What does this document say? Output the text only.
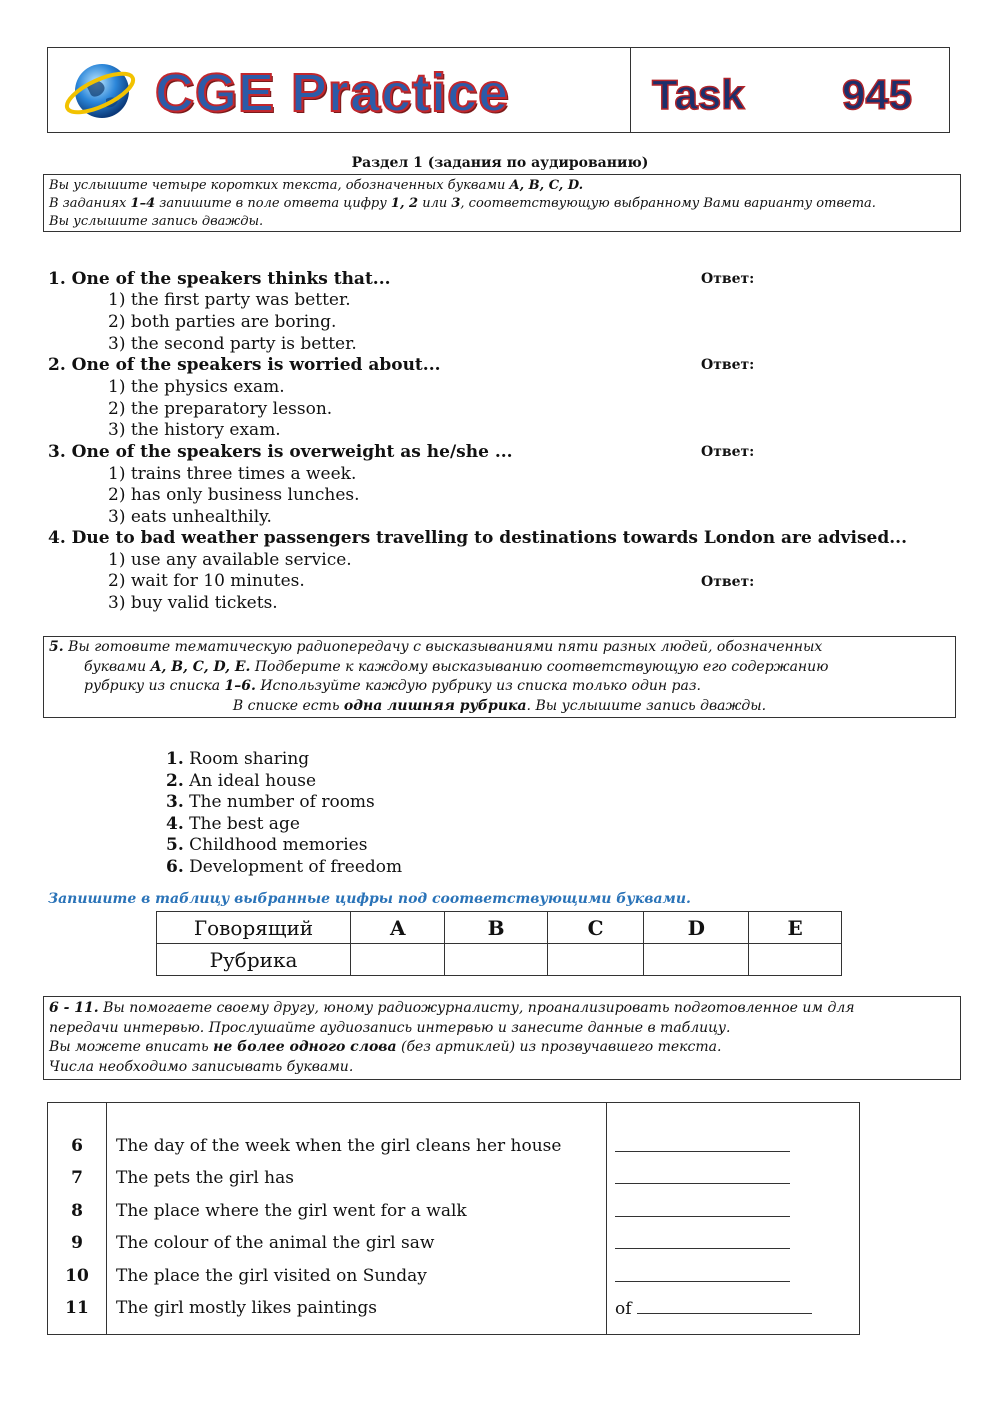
CGE Practice	Task 945
Раздел 1 (задания по аудированию)
Вы услышите четыре коротких текста, обозначенных буквами A, B, C, D.
В заданиях 1–4 запишите в поле ответа цифру 1, 2 или 3, соответствующую выбранному Вами варианту ответа.
Вы услышите запись дважды.
1. One of the speakers thinks that...	Ответ:
1) the first party was better.
2) both parties are boring.
3) the second party is better.
2. One of the speakers is worried about...	Ответ:
1) the physics exam.
2) the preparatory lesson.
3) the history exam.
3. One of the speakers is overweight as he/she ...	Ответ:
1) trains three times a week.
2) has only business lunches.
3) eats unhealthily.
4. Due to bad weather passengers travelling to destinations towards London are advised...
1) use any available service.
2) wait for 10 minutes.	Ответ:
3) buy valid tickets.
5. Вы готовите тематическую радиопередачу с высказываниями пяти разных людей, обозначенных
буквами A, B, C, D, E. Подберите к каждому высказыванию соответствующую его содержанию
рубрику из списка 1–6. Используйте каждую рубрику из списка только один раз.
В списке есть одна лишняя рубрика. Вы услышите запись дважды.
1. Room sharing
2. An ideal house
3. The number of rooms
4. The best age
5. Childhood memories
6. Development of freedom
Запишите в таблицу выбранные цифры под соответствующими буквами.
Говорящий	A	B	C	D	E
Рубрика					
6 - 11. Вы помогаете своему другу, юному радиожурналисту, проанализировать подготовленное им для
передачи интервью. Прослушайте аудиозапись интервью и занесите данные в таблицу.
Вы можете вписать не более одного слова (без артиклей) из прозвучавшего текста.
Числа необходимо записывать буквами.

6	The day of the week when the girl cleans her house	
7	The pets the girl has	
8	The place where the girl went for a walk	
9	The colour of the animal the girl saw	
10	The place the girl visited on Sunday	
11	The girl mostly likes paintings	of
